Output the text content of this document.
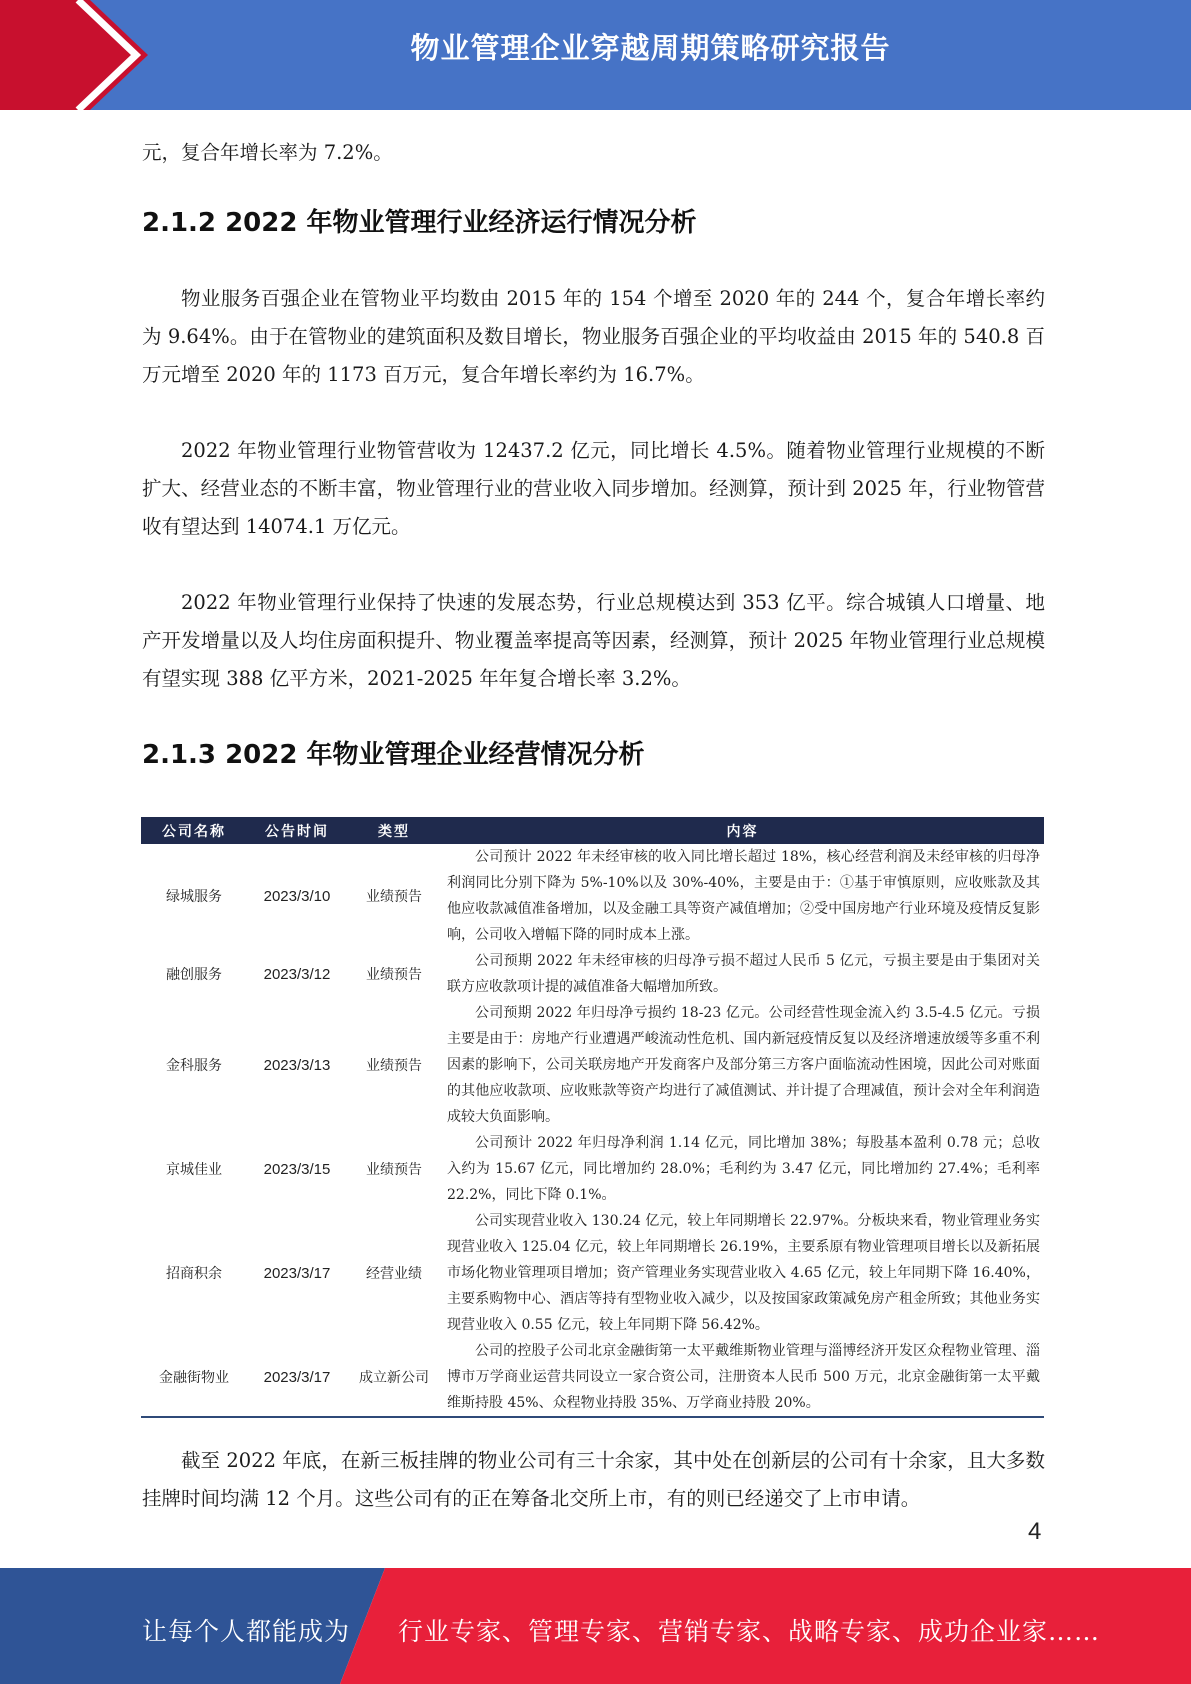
物业管理企业穿越周期策略研究报告

元，复合年增长率为 7.2%。

2.1.2 2022 年物业管理行业经济运行情况分析

物业服务百强企业在管物业平均数由 2015 年的 154 个增至 2020 年的 244 个，复合年增长率约为 9.64%。由于在管物业的建筑面积及数目增长，物业服务百强企业的平均收益由 2015 年的 540.8 百万元增至 2020 年的 1173 百万元，复合年增长率约为 16.7%。

2022 年物业管理行业物管营收为 12437.2 亿元，同比增长 4.5%。随着物业管理行业规模的不断扩大、经营业态的不断丰富，物业管理行业的营业收入同步增加。经测算，预计到 2025 年，行业物管营收有望达到 14074.1 万亿元。

2022 年物业管理行业保持了快速的发展态势，行业总规模达到 353 亿平。综合城镇人口增量、地产开发增量以及人均住房面积提升、物业覆盖率提高等因素，经测算，预计 2025 年物业管理行业总规模有望实现 388 亿平方米，2021-2025 年年复合增长率 3.2%。

2.1.3 2022 年物业管理企业经营情况分析
公司名称	公告时间	类型	内容
绿城服务	2023/3/10	业绩预告	公司预计 2022 年未经审核的收入同比增长超过 18%，核心经营利润及未经审核的归母净利润同比分别下降为 5%-10%以及 30%-40%，主要是由于：①基于审慎原则，应收账款及其他应收款减值准备增加，以及金融工具等资产减值增加；②受中国房地产行业环境及疫情反复影响，公司收入增幅下降的同时成本上涨。
融创服务	2023/3/12	业绩预告	公司预期 2022 年未经审核的归母净亏损不超过人民币 5 亿元，亏损主要是由于集团对关联方应收款项计提的减值准备大幅增加所致。
金科服务	2023/3/13	业绩预告	公司预期 2022 年归母净亏损约 18-23 亿元。公司经营性现金流入约 3.5-4.5 亿元。亏损主要是由于：房地产行业遭遇严峻流动性危机、国内新冠疫情反复以及经济增速放缓等多重不利因素的影响下，公司关联房地产开发商客户及部分第三方客户面临流动性困境，因此公司对账面的其他应收款项、应收账款等资产均进行了减值测试、并计提了合理减值，预计会对全年利润造成较大负面影响。
京城佳业	2023/3/15	业绩预告	公司预计 2022 年归母净利润 1.14 亿元，同比增加 38%；每股基本盈利 0.78 元；总收入约为 15.67 亿元，同比增加约 28.0%；毛利约为 3.47 亿元，同比增加约 27.4%；毛利率 22.2%，同比下降 0.1%。
招商积余	2023/3/17	经营业绩	公司实现营业收入 130.24 亿元，较上年同期增长 22.97%。分板块来看，物业管理业务实现营业收入 125.04 亿元，较上年同期增长 26.19%，主要系原有物业管理项目增长以及新拓展市场化物业管理项目增加；资产管理业务实现营业收入 4.65 亿元，较上年同期下降 16.40%，主要系购物中心、酒店等持有型物业收入减少，以及按国家政策减免房产租金所致；其他业务实现营业收入 0.55 亿元，较上年同期下降 56.42%。
金融街物业	2023/3/17	成立新公司	公司的控股子公司北京金融街第一太平戴维斯物业管理与淄博经济开发区众程物业管理、淄博市万学商业运营共同设立一家合资公司，注册资本人民币 500 万元，北京金融街第一太平戴维斯持股 45%、众程物业持股 35%、万学商业持股 20%。

截至 2022 年底，在新三板挂牌的物业公司有三十余家，其中处在创新层的公司有十余家，且大多数挂牌时间均满 12 个月。这些公司有的正在筹备北交所上市，有的则已经递交了上市申请。

4
让每个人都能成为 行业专家、管理专家、营销专家、战略专家、成功企业家……
